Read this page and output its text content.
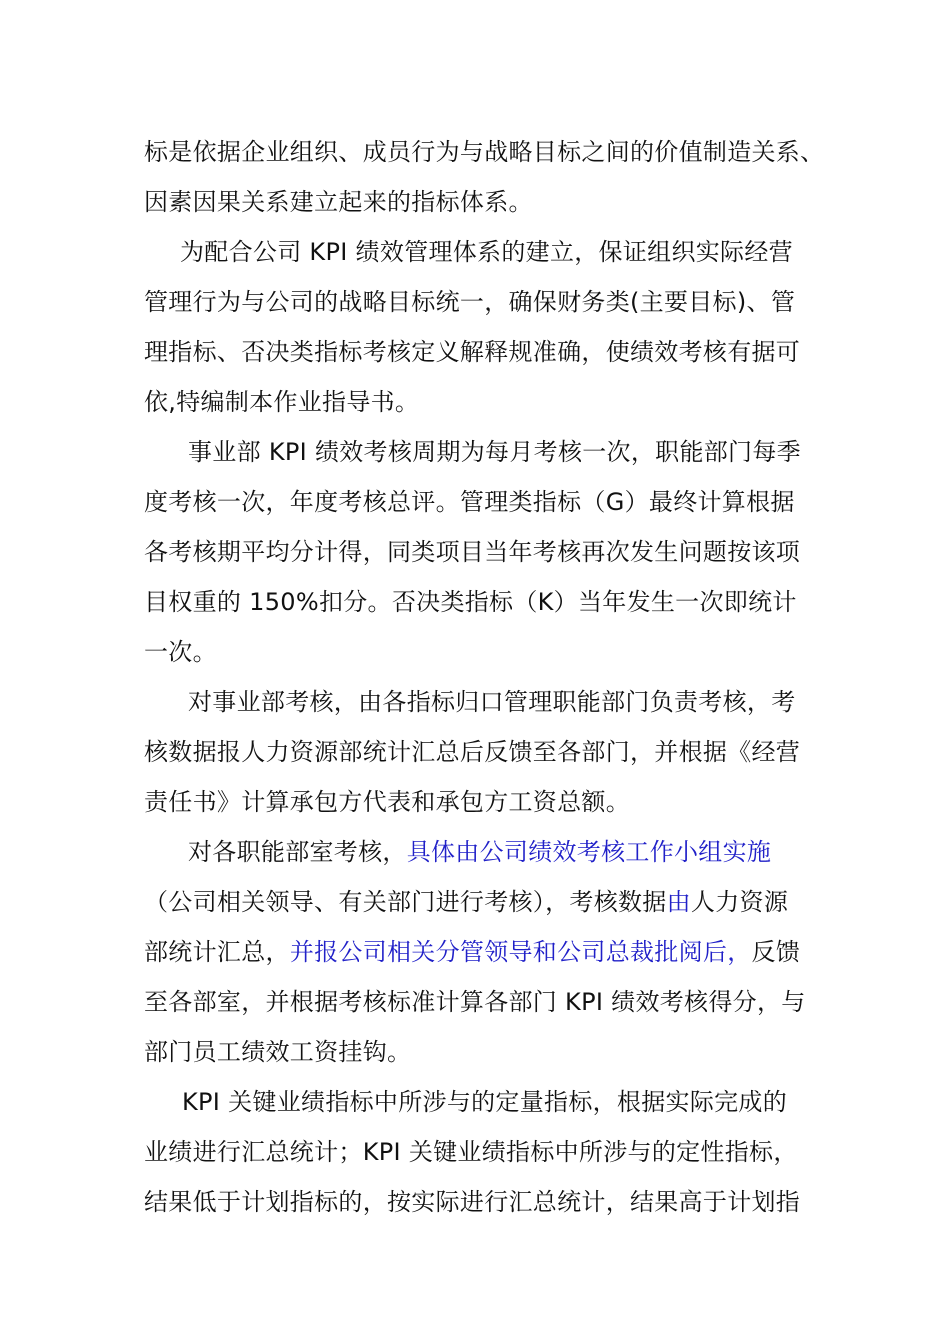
标是依据企业组织、成员行为与战略目标之间的价值制造关系、
因素因果关系建立起来的指标体系。
为配合公司 KPI 绩效管理体系的建立，保证组织实际经营
管理行为与公司的战略目标统一，确保财务类(主要目标)、管
理指标、否决类指标考核定义解释规准确，使绩效考核有据可
依,特编制本作业指导书。
事业部 KPI 绩效考核周期为每月考核一次，职能部门每季
度考核一次，年度考核总评。管理类指标（G）最终计算根据
各考核期平均分计得，同类项目当年考核再次发生问题按该项
目权重的 150%扣分。否决类指标（K）当年发生一次即统计
一次。
对事业部考核，由各指标归口管理职能部门负责考核，考
核数据报人力资源部统计汇总后反馈至各部门，并根据《经营
责任书》计算承包方代表和承包方工资总额。
对各职能部室考核，具体由公司绩效考核工作小组实施
（公司相关领导、有关部门进行考核），考核数据由人力资源
部统计汇总，并报公司相关分管领导和公司总裁批阅后，反馈
至各部室，并根据考核标准计算各部门 KPI 绩效考核得分，与
部门员工绩效工资挂钩。
KPI 关键业绩指标中所涉与的定量指标，根据实际完成的
业绩进行汇总统计；KPI 关键业绩指标中所涉与的定性指标，
结果低于计划指标的，按实际进行汇总统计，结果高于计划指
